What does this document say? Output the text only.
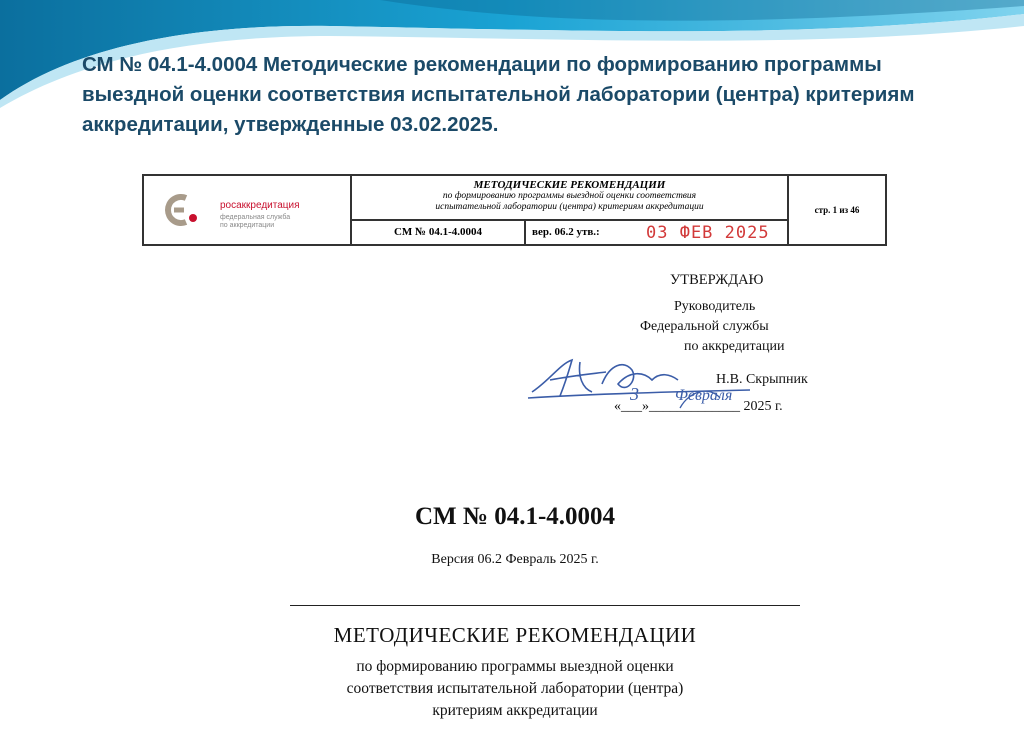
СМ № 04.1-4.0004 Методические рекомендации по формированию программы выездной оценки соответствия испытательной лаборатории (центра) критериям аккредитации, утвержденные 03.02.2025.
росаккредитация
федеральная служба
по аккредитации
МЕТОДИЧЕСКИЕ РЕКОМЕНДАЦИИ
по формированию программы выездной оценки соответствия
испытательной лаборатории (центра) критериям аккредитации
СМ № 04.1-4.0004	вер. 06.2 утв.:	03 ФЕВ 2025
стр. 1 из 46
УТВЕРЖДАЮ
Руководитель
Федеральной службы
по аккредитации
Н.В. Скрыпник
«___»_____________ 2025 г.
3 Февраля
СМ № 04.1-4.0004
Версия 06.2 Февраль 2025 г.
МЕТОДИЧЕСКИЕ РЕКОМЕНДАЦИИ
по формированию программы выездной оценки
соответствия испытательной лаборатории (центра)
критериям аккредитации
